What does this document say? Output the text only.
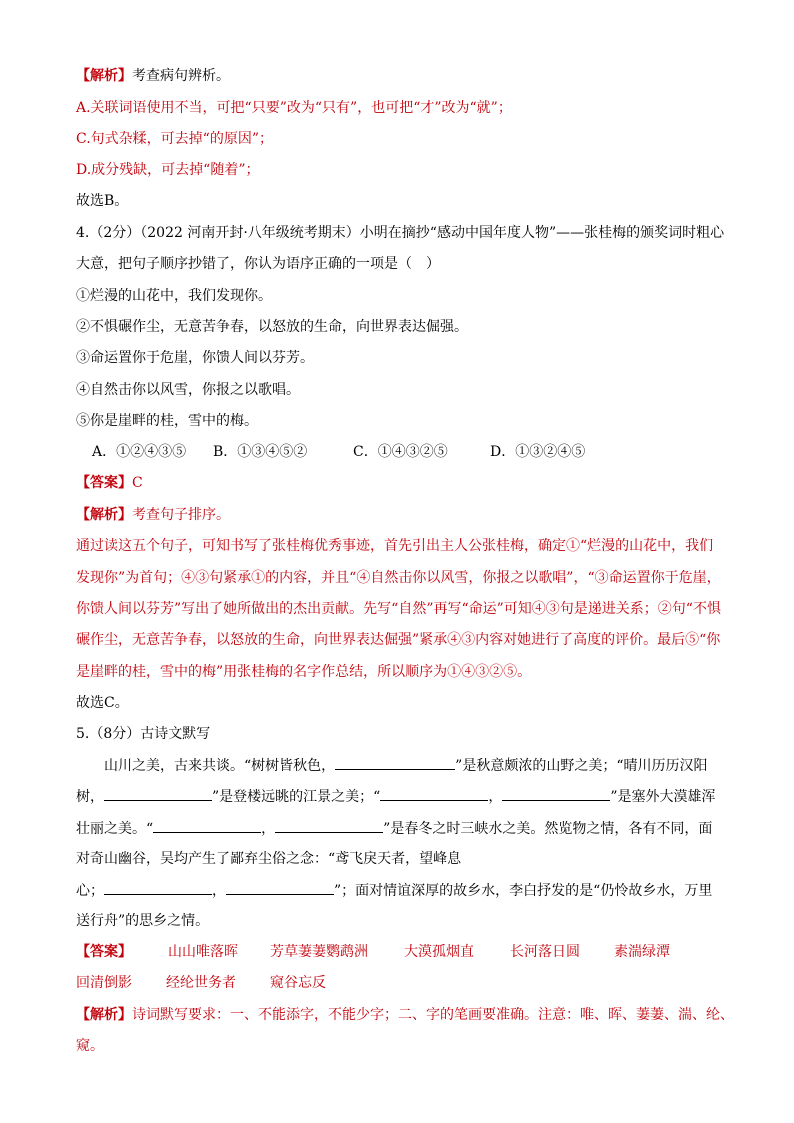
【解析】考查病句辨析。
A.关联词语使用不当，可把“只要”改为“只有”，也可把“才”改为“就”；
C.句式杂糅，可去掉“的原因”；
D.成分残缺，可去掉“随着”；
故选B。
4.（2分）（2022 河南开封·八年级统考期末）小明在摘抄“感动中国年度人物”——张桂梅的颁奖词时粗心
大意，把句子顺序抄错了，你认为语序正确的一项是（　）
①烂漫的山花中，我们发现你。
②不惧碾作尘，无意苦争春，以怒放的生命，向世界表达倔强。
③命运置你于危崖，你馈人间以芬芳。
④自然击你以风雪，你报之以歌唱。
⑤你是崖畔的桂，雪中的梅。
A．①②④③⑤ B．①③④⑤②	C．①④③②⑤	D．①③②④⑤
【答案】C
【解析】考查句子排序。
通过读这五个句子，可知书写了张桂梅优秀事迹，首先引出主人公张桂梅，确定①“烂漫的山花中，我们
发现你”为首句；④③句紧承①的内容，并且“④自然击你以风雪，你报之以歌唱”，“③命运置你于危崖，
你馈人间以芬芳”写出了她所做出的杰出贡献。先写“自然”再写“命运”可知④③句是递进关系；②句“不惧
碾作尘，无意苦争春，以怒放的生命，向世界表达倔强”紧承④③内容对她进行了高度的评价。最后⑤“你
是崖畔的桂，雪中的梅”用张桂梅的名字作总结，所以顺序为①④③②⑤。
故选C。
5.（8分）古诗文默写
山川之美，古来共谈。“树树皆秋色，	”是秋意颇浓的山野之美；“晴川历历汉阳
树，	”是登楼远眺的江景之美；“	，	”是塞外大漠雄浑
壮丽之美。“	，	”是春冬之时三峡水之美。然览物之情，各有不同，面
对奇山幽谷，吴均产生了鄙弃尘俗之念：“鸢飞戾天者，望峰息
心；	，	”；面对情谊深厚的故乡水，李白抒发的是“仍怜故乡水，万里
送行舟”的思乡之情。
【答案】	山山唯落晖 芳草萋萋鹦鹉洲	大漠孤烟直	长河落日圆 素湍绿潭
回清倒影 经纶世务者 窥谷忘反
【解析】诗词默写要求：一、不能添字，不能少字；二、字的笔画要准确。注意：唯、晖、萋萋、湍、纶、
窥。
